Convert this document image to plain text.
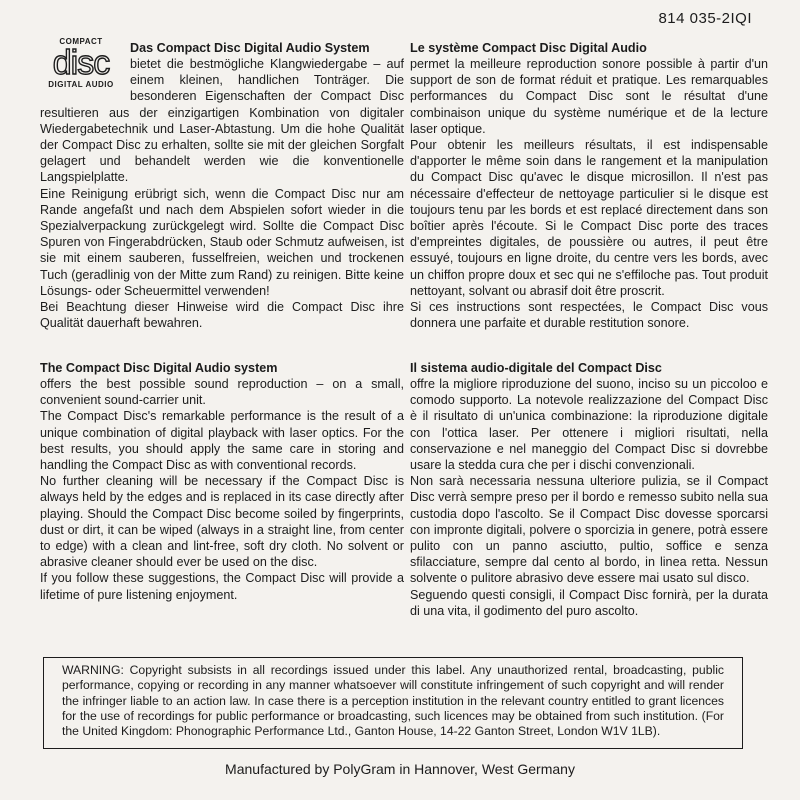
814 035-2IQI
COMPACT
disc
DIGITAL AUDIO
Das Compact Disc Digital Audio System

bietet die bestmögliche Klangwiedergabe – auf einem kleinen, handlichen Tonträger. Die besonderen Eigenschaften der Compact Disc resultieren aus der einzigartigen Kombination von digitaler Wiedergabetechnik und Laser-Abtastung. Um die hohe Qualität der Compact Disc zu erhalten, sollte sie mit der gleichen Sorgfalt gelagert und behandelt werden wie die konventionelle Langspielplatte.

Eine Reinigung erübrigt sich, wenn die Compact Disc nur am Rande angefaßt und nach dem Abspielen sofort wieder in die Spezialverpackung zurückgelegt wird. Sollte die Compact Disc Spuren von Fingerabdrücken, Staub oder Schmutz aufweisen, ist sie mit einem sauberen, fusselfreien, weichen und trockenen Tuch (geradlinig von der Mitte zum Rand) zu reinigen. Bitte keine Lösungs- oder Scheuermittel verwenden!

Bei Beachtung dieser Hinweise wird die Compact Disc ihre Qualität dauerhaft bewahren.

Le système Compact Disc Digital Audio

permet la meilleure reproduction sonore possible à partir d'un support de son de format réduit et pratique. Les remarquables performances du Compact Disc sont le résultat d'une combinaison unique du système numérique et de la lecture laser optique.

Pour obtenir les meilleurs résultats, il est indispensable d'apporter le même soin dans le rangement et la manipulation du Compact Disc qu'avec le disque microsillon. Il n'est pas nécessaire d'effecteur de nettoyage particulier si le disque est toujours tenu par les bords et est replacé directement dans son boîtier après l'écoute. Si le Compact Disc porte des traces d'empreintes digitales, de poussière ou autres, il peut être essuyé, toujours en ligne droite, du centre vers les bords, avec un chiffon propre doux et sec qui ne s'effiloche pas. Tout produit nettoyant, solvant ou abrasif doit être proscrit.

Si ces instructions sont respectées, le Compact Disc vous donnera une parfaite et durable restitution sonore.

The Compact Disc Digital Audio system

offers the best possible sound reproduction – on a small, convenient sound-carrier unit.

The Compact Disc's remarkable performance is the result of a unique combination of digital playback with laser optics. For the best results, you should apply the same care in storing and handling the Compact Disc as with conventional records.

No further cleaning will be necessary if the Compact Disc is always held by the edges and is replaced in its case directly after playing. Should the Compact Disc become soiled by fingerprints, dust or dirt, it can be wiped (always in a straight line, from center to edge) with a clean and lint-free, soft dry cloth. No solvent or abrasive cleaner should ever be used on the disc.

If you follow these suggestions, the Compact Disc will provide a lifetime of pure listening enjoyment.

Il sistema audio-digitale del Compact Disc

offre la migliore riproduzione del suono, inciso su un piccoloo e comodo supporto. La notevole realizzazione del Compact Disc è il risultato di un'unica combinazione: la riproduzione digitale con l'ottica laser. Per ottenere i migliori risultati, nella conservazione e nel maneggio del Compact Disc si dovrebbe usare la stedda cura che per i dischi convenzionali.

Non sarà necessaria nessuna ulteriore pulizia, se il Compact Disc verrà sempre preso per il bordo e remesso subito nella sua custodia dopo l'ascolto. Se il Compact Disc dovesse sporcarsi con impronte digitali, polvere o sporcizia in genere, potrà essere pulito con un panno asciutto, pultio, soffice e senza sfilacciature, sempre dal cento al bordo, in linea retta. Nessun solvente o pulitore abrasivo deve essere mai usato sul disco.

Seguendo questi consigli, il Compact Disc fornirà, per la durata di una vita, il godimento del puro ascolto.

WARNING: Copyright subsists in all recordings issued under this label. Any unauthorized rental, broadcasting, public performance, copying or recording in any manner whatsoever will constitute infringement of such copyright and will render the infringer liable to an action law. In case there is a perception institution in the relevant country entitled to grant licences for the use of recordings for public performance or broadcasting, such licences may be obtained from such institution. (For the United Kingdom: Phonographic Performance Ltd., Ganton House, 14-22 Ganton Street, London W1V 1LB).
Manufactured by PolyGram in Hannover, West Germany
